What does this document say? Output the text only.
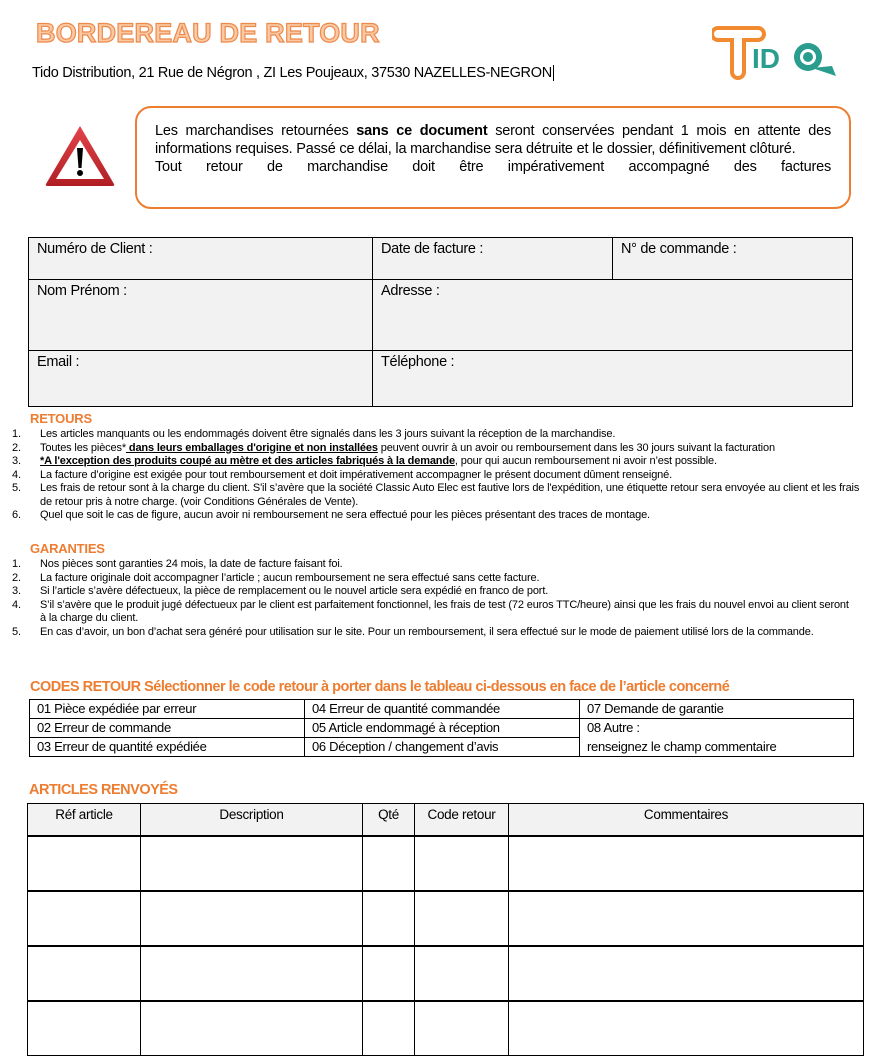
BORDEREAU DE RETOUR
Tido Distribution, 21 Rue de Négron , ZI Les Poujeaux, 37530 NAZELLES-NEGRON	ID

Les marchandises retournées sans ce document seront conservées pendant 1 mois en attente des informations requises. Passé ce délai, la marchandise sera détruite et le dossier, définitivement clôturé.

Tout retour de marchandise doit être impérativement accompagné des factures

Numéro de Client :	Date de facture :	N° de commande :
Nom Prénom :	Adresse :	
Email :	Téléphone :	
RETOURS
1. Les articles manquants ou les endommagés doivent être signalés dans les 3 jours suivant la réception de la marchandise.
2. Toutes les pièces* dans leurs emballages d'origine et non installées peuvent ouvrir à un avoir ou remboursement dans les 30 jours suivant la facturation
3. *A l'exception des produits coupé au mètre et des articles fabriqués à la demande, pour qui aucun remboursement ni avoir n’est possible.
4. La facture d’origine est exigée pour tout remboursement et doit impérativement accompagner le présent document dûment renseigné.
5. Les frais de retour sont à la charge du client. S'il s’avère que la société Classic Auto Elec est fautive lors de l'expédition, une étiquette retour sera envoyée au client et les frais de retour pris à notre charge. (voir Conditions Générales de Vente).
6. Quel que soit le cas de figure, aucun avoir ni remboursement ne sera effectué pour les pièces présentant des traces de montage.
GARANTIES
1. Nos pièces sont garanties 24 mois, la date de facture faisant foi.
2. La facture originale doit accompagner l’article ; aucun remboursement ne sera effectué sans cette facture.
3. Si l’article s’avère défectueux, la pièce de remplacement ou le nouvel article sera expédié en franco de port.
4. S’il s’avère que le produit jugé défectueux par le client est parfaitement fonctionnel, les frais de test (72 euros TTC/heure) ainsi que les frais du nouvel envoi au client seront à la charge du client.
5. En cas d’avoir, un bon d’achat sera généré pour utilisation sur le site. Pour un remboursement, il sera effectué sur le mode de paiement utilisé lors de la commande.
CODES RETOUR Sélectionner le code retour à porter dans le tableau ci-dessous en face de l’article concerné
01 Pièce expédiée par erreur	04 Erreur de quantité commandée	07 Demande de garantie
02 Erreur de commande	05 Article endommagé à réception	08 Autre :
03 Erreur de quantité expédiée	06 Déception / changement d’avis	renseignez le champ commentaire
ARTICLES RENVOYÉS
Réf article	Description	Qté	Code retour	Commentaires
